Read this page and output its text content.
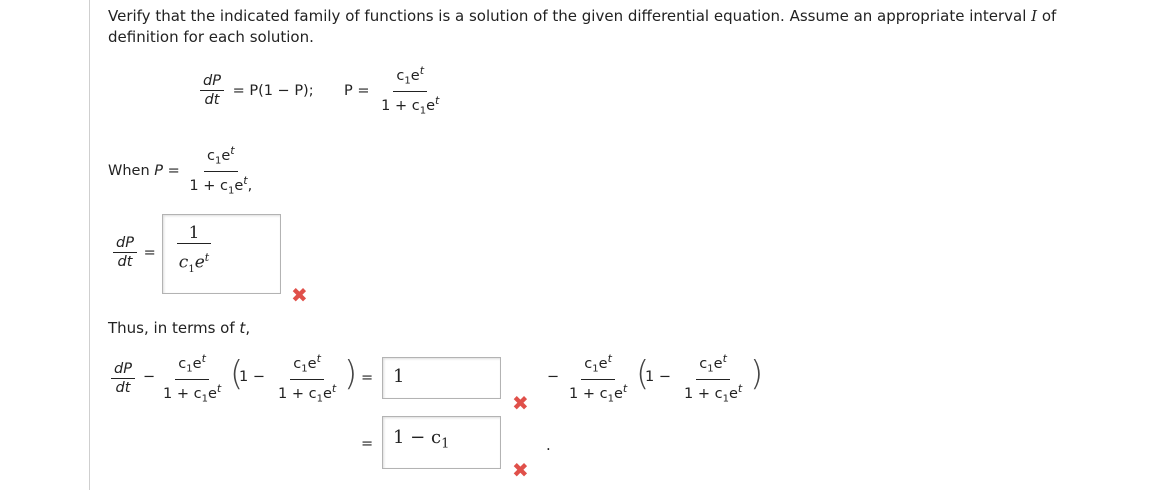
Verify that the indicated family of functions is a solution of the given differential equation. Assume an appropriate interval I of definition for each solution.
$\frac{dP}{dt} = P(1 - P)$; $P = \frac{c_1e^t}{1 + c_1e^t}$
When $P = \frac{c_1e^t}{1 + c_1e^t,}$
$\frac{dP}{dt}$ =
1
$c_1e^t$
✖
Thus, in terms of t,
$\frac{dP}{dt} - \frac{c_1e^t}{1 + c_1e^t}$ (
$1 - \frac{c_1e^t}{1 + c_1e^t}$ ) = 1
✖
− $\frac{c_1e^t}{1 + c_1e^t}$ (
$1 - \frac{c_1e^t}{1 + c_1e^t}$ )
= $1 - c_1$	.
✖
